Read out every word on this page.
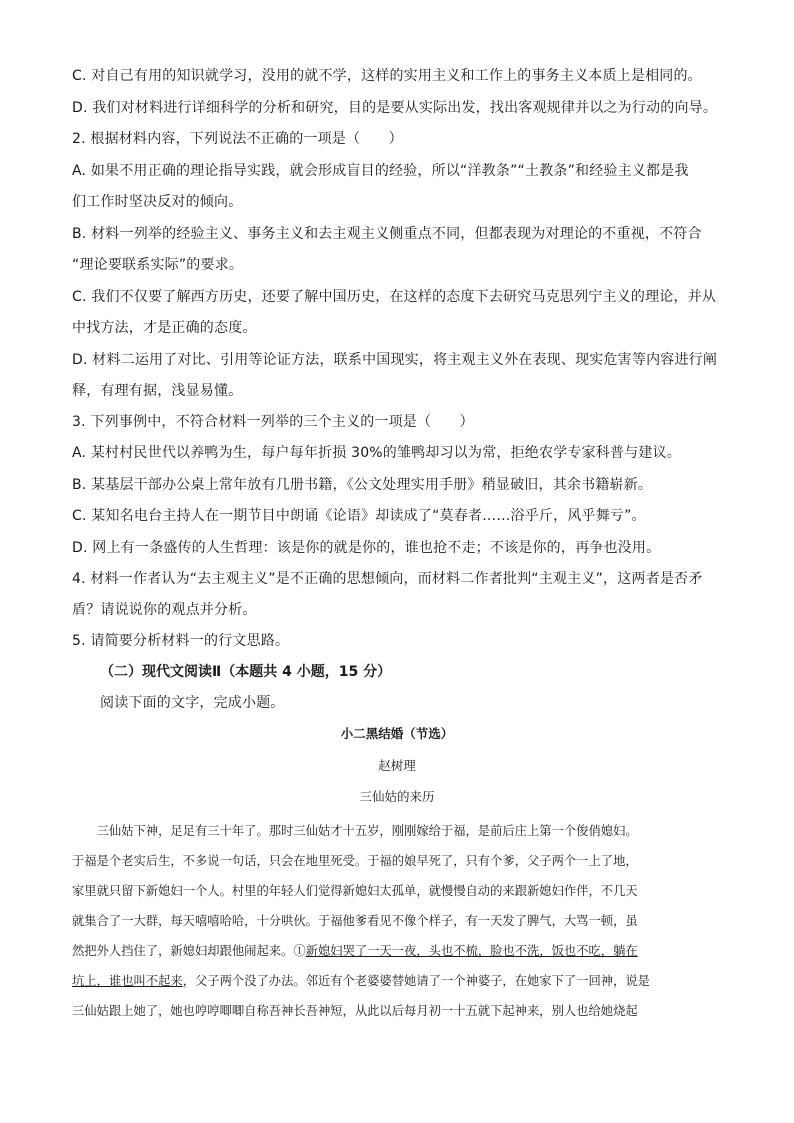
C. 对自己有用的知识就学习，没用的就不学，这样的实用主义和工作上的事务主义本质上是相同的。
D. 我们对材料进行详细科学的分析和研究，目的是要从实际出发，找出客观规律并以之为行动的向导。
2. 根据材料内容，下列说法不正确的一项是（　　）
A. 如果不用正确的理论指导实践，就会形成盲目的经验，所以“洋教条”“土教条”和经验主义都是我
们工作时坚决反对的倾向。
B. 材料一列举的经验主义、事务主义和去主观主义侧重点不同，但都表现为对理论的不重视，不符合
“理论要联系实际”的要求。
C. 我们不仅要了解西方历史，还要了解中国历史，在这样的态度下去研究马克思列宁主义的理论，并从
中找方法，才是正确的态度。
D. 材料二运用了对比、引用等论证方法，联系中国现实，将主观主义外在表现、现实危害等内容进行阐
释，有理有据，浅显易懂。
3. 下列事例中，不符合材料一列举的三个主义的一项是（　　）
A. 某村村民世代以养鸭为生，每户每年折损 30%的雏鸭却习以为常，拒绝农学专家科普与建议。
B. 某基层干部办公桌上常年放有几册书籍，《公文处理实用手册》稍显破旧，其余书籍崭新。
C. 某知名电台主持人在一期节目中朗诵《论语》却读成了“莫春者……浴乎斤，风乎舞亏”。
D. 网上有一条盛传的人生哲理：该是你的就是你的，谁也抢不走；不该是你的，再争也没用。
4. 材料一作者认为“去主观主义”是不正确的思想倾向，而材料二作者批判“主观主义”，这两者是否矛
盾？请说说你的观点并分析。
5. 请简要分析材料一的行文思路。
（二）现代文阅读Ⅱ（本题共 4 小题，15 分）
阅读下面的文字，完成小题。
小二黑结婚（节选）
赵树理
三仙姑的来历
　　三仙姑下神，足足有三十年了。那时三仙姑才十五岁，刚刚嫁给于福，是前后庄上第一个俊俏媳妇。
于福是个老实后生，不多说一句话，只会在地里死受。于福的娘早死了，只有个爹，父子两个一上了地，
家里就只留下新媳妇一个人。村里的年轻人们觉得新媳妇太孤单，就慢慢自动的来跟新媳妇作伴，不几天
就集合了一大群，每天嘻嘻哈哈，十分哄伙。于福他爹看见不像个样子，有一天发了脾气，大骂一顿，虽
然把外人挡住了，新媳妇却跟他闹起来。①新媳妇哭了一天一夜，头也不梳，脸也不洗，饭也不吃，躺在
坑上，谁也叫不起来，父子两个没了办法。邻近有个老婆婆替她请了一个神婆子，在她家下了一回神，说是
三仙姑跟上她了，她也哼哼唧唧自称吾神长吾神短，从此以后每月初一十五就下起神来，别人也给她烧起
